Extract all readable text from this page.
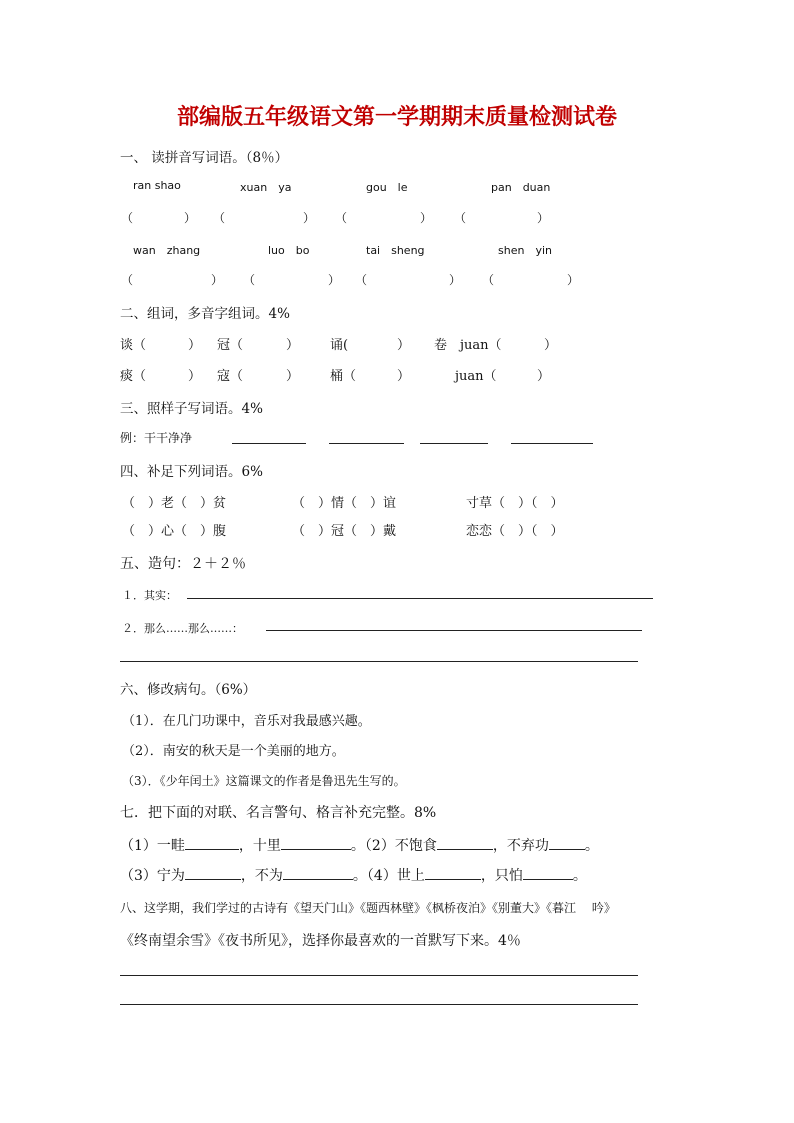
部编版五年级语文第一学期期末质量检测试卷
一、 读拼音写词语。（8％）
ran shao	xuan　ya	gou　le	pan　duan
（	） （	） （	） （	）
wan　zhang	luo　bo	tai　sheng	shen　yin
（	） （	） （	） （	）
二、组词，多音字组词。4%
谈（	） 冠（	） 诵(	） 卷　juan（	）
痰（	） 寇（	） 桶（	）	juan（	）
三、照样子写词语。4%
例：干干净净
四、补足下列词语。6%
（　）老（　）贫	（　）情（　）谊	寸草（　）（　）
（　）心（　）腹	（　）冠（　）戴	恋恋（　）（　）
五、造句：２＋２％
１．其实：
２．那么……那么……：
六、修改病句。（6%）
（1）．在几门功课中，音乐对我最感兴趣。
（2）．南安的秋天是一个美丽的地方。
（3）．《少年闰土》这篇课文的作者是鲁迅先生写的。
七．把下面的对联、名言警句、格言补充完整。8%
（1）一畦	，十里	。（2）不饱食	，不弃功	。
（3）宁为	，不为	。（4）世上	，只怕	。
八、这学期，我们学过的古诗有《望天门山》《题西林壁》《枫桥夜泊》《别董大》《暮江　 吟》
《终南望余雪》《夜书所见》，选择你最喜欢的一首默写下来。4％
